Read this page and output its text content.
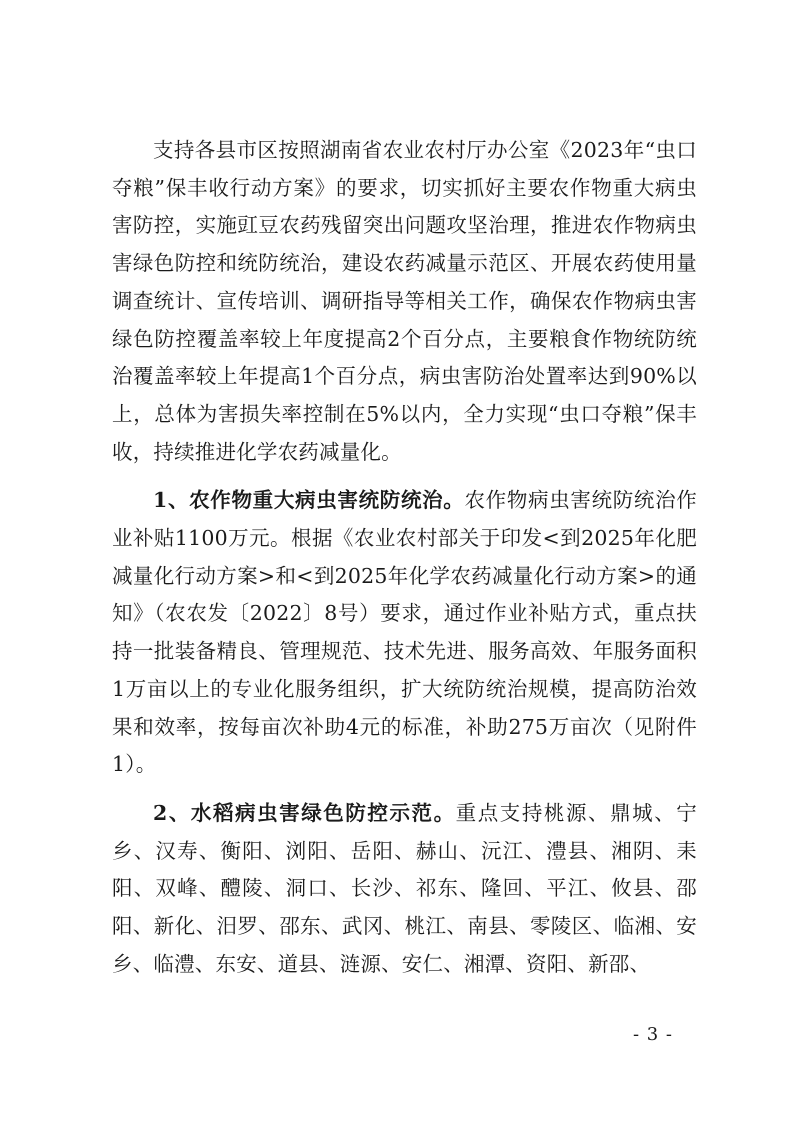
支持各县市区按照湖南省农业农村厅办公室《2023年“虫口夺粮”保丰收行动方案》的要求，切实抓好主要农作物重大病虫害防控，实施豇豆农药残留突出问题攻坚治理，推进农作物病虫害绿色防控和统防统治，建设农药减量示范区、开展农药使用量调查统计、宣传培训、调研指导等相关工作，确保农作物病虫害绿色防控覆盖率较上年度提高2个百分点，主要粮食作物统防统治覆盖率较上年提高1个百分点，病虫害防治处置率达到90%以上，总体为害损失率控制在5%以内，全力实现“虫口夺粮”保丰收，持续推进化学农药减量化。

1、农作物重大病虫害统防统治。农作物病虫害统防统治作业补贴1100万元。根据《农业农村部关于印发<到2025年化肥减量化行动方案>和<到2025年化学农药减量化行动方案>的通知》（农农发〔2022〕8号）要求，通过作业补贴方式，重点扶持一批装备精良、管理规范、技术先进、服务高效、年服务面积1万亩以上的专业化服务组织，扩大统防统治规模，提高防治效果和效率，按每亩次补助4元的标准，补助275万亩次（见附件1）。

2、水稻病虫害绿色防控示范。重点支持桃源、鼎城、宁乡、汉寿、衡阳、浏阳、岳阳、赫山、沅江、澧县、湘阴、耒阳、双峰、醴陵、洞口、长沙、祁东、隆回、平江、攸县、邵阳、新化、汨罗、邵东、武冈、桃江、南县、零陵区、临湘、安乡、临澧、东安、道县、涟源、安仁、湘潭、资阳、新邵、

- 3 -
